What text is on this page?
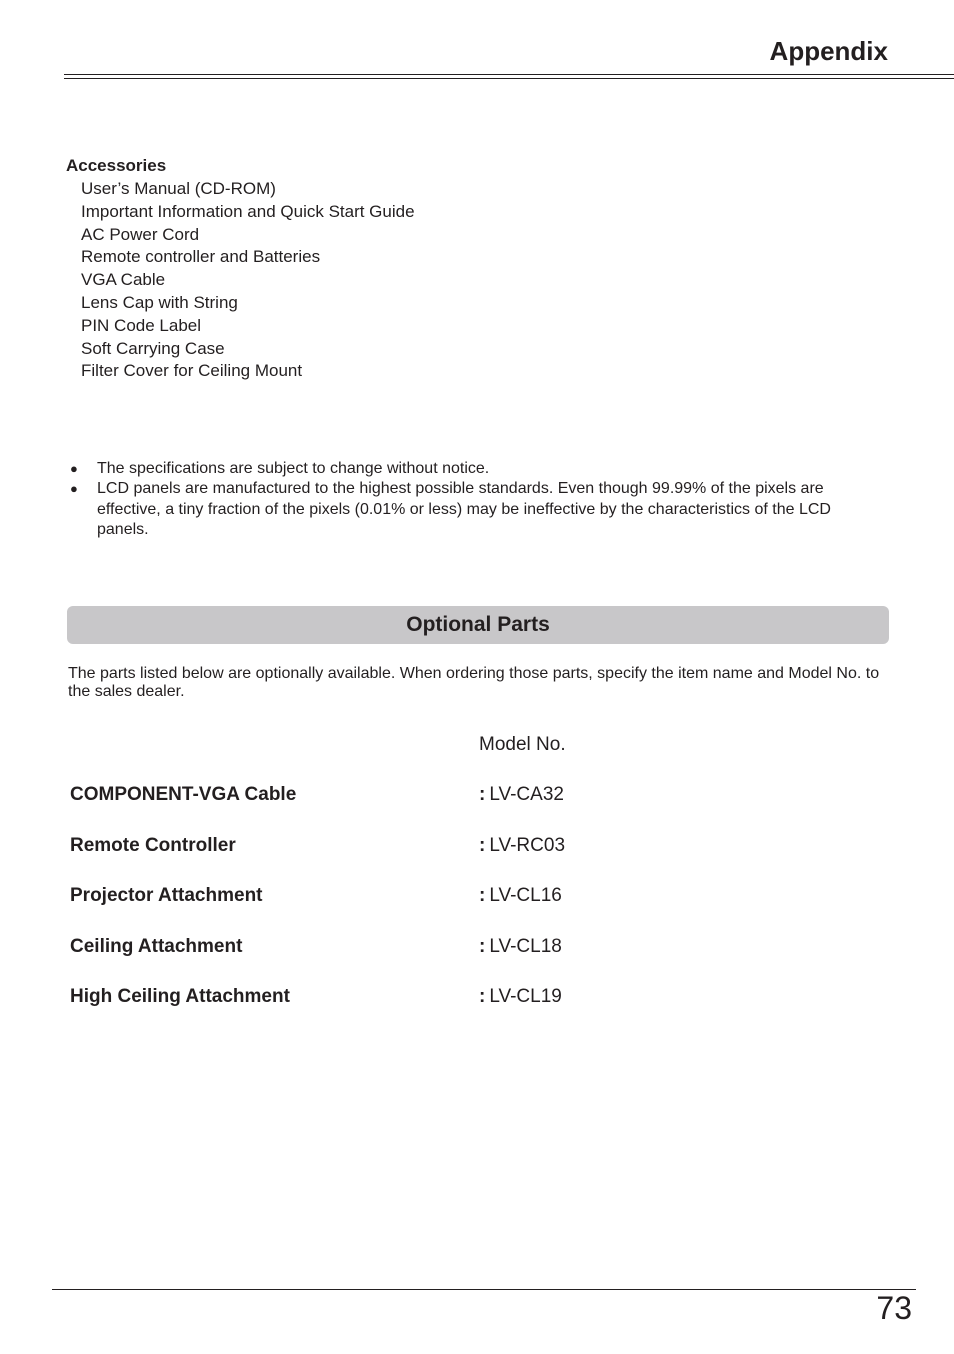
Appendix
Accessories
User’s Manual (CD-ROM)
Important Information and Quick Start Guide
AC Power Cord
Remote controller and Batteries
VGA Cable
Lens Cap with String
PIN Code Label
Soft Carrying Case
Filter Cover for Ceiling Mount
● The specifications are subject to change without notice.
● LCD panels are manufactured to the highest possible standards. Even though 99.99% of the pixels are effective, a tiny fraction of the pixels (0.01% or less) may be ineffective by the characteristics of the LCD panels.
Optional Parts
The parts listed below are optionally available. When ordering those parts, specify the item name and Model No. to the sales dealer.
Model No.
COMPONENT-VGA Cable	: LV-CA32
Remote Controller	: LV-RC03
Projector Attachment	: LV-CL16
Ceiling Attachment	: LV-CL18
High Ceiling Attachment	: LV-CL19
73
